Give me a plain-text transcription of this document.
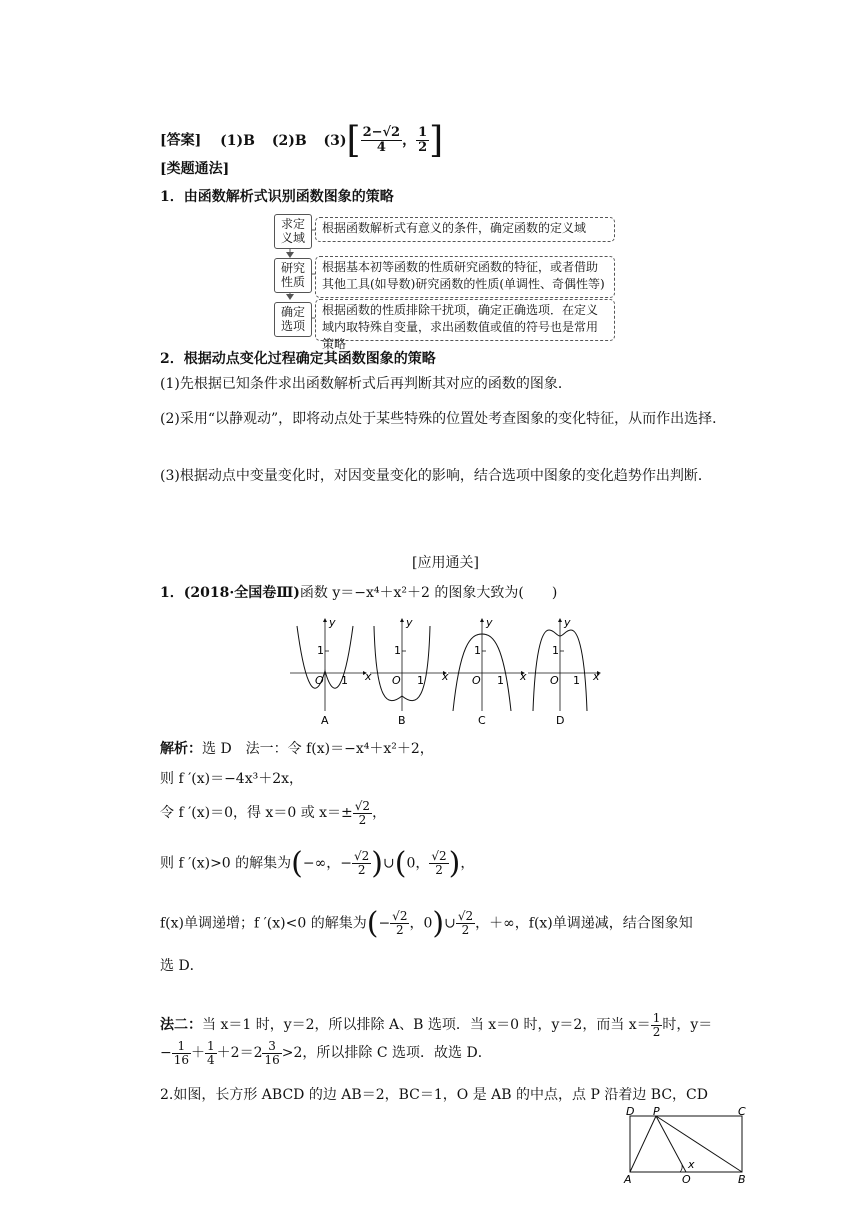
[答案] (1)B (2)B $(3)[ \frac{2-√2}{4}$ ， $\frac{1}{2}$ ]
[类题通法]
1．由函数解析式识别函数图象的策略
求定
义域
根据函数解析式有意义的条件，确定函数的定义域
研究
性质
根据基本初等函数的性质研究函数的特征，或者借助其他工具(如导数)研究函数的性质(单调性、奇偶性等)
确定
选项
根据函数的性质排除干扰项，确定正确选项．在定义域内取特殊自变量，求出函数值或值的符号也是常用策略
2．根据动点变化过程确定其函数图象的策略
(1)先根据已知条件求出函数解析式后再判断其对应的函数的图象．
(2)采用“以静观动”，即将动点处于某些特殊的位置处考查图象的变化特征，从而作出选择．
(3)根据动点中变量变化时，对因变量变化的影响，结合选项中图象的变化趋势作出判断．
[应用通关]
1．(2018·全国卷Ⅲ)函数 y＝−x⁴＋x²＋2 的图象大致为(　　)
y
1
O 1 x
A
y
1
O 1 x
B
y
1
O 1 x
C
y
1
O 1 x
D
解析：选 D　法一：令 f(x)＝−x⁴＋x²＋2，
则 f ′(x)＝−4x³＋2x，
令 f ′(x)＝0，得 x＝0 或 $x=\pm \frac{√2}{2}$ ，
则 f ′(x)>0 的解集为(−∞，− $\frac{√2}{2}$ )∪(0， $\frac{√2}{2}$ )，
f(x)单调递增；f ′(x)<0 的解集为(− $\frac{√2}{2}$ ，0)∪ $\frac{√2}{2}$ ，＋∞，f(x)单调递减，结合图象知
选 D．
法二：当 x＝1 时，y＝2，所以排除 A、B 选项．当 x＝0 时，y＝2，而当 $x= \frac{1}{2}$ 时，y＝
− $\frac{1}{16} + \frac{1}{4} +2=2 \frac{3}{16} >2$，所以排除 C 选项．故选 D．
2.如图，长方形 ABCD 的边 AB＝2，BC＝1，O 是 AB 的中点，点 P 沿着边 BC，CD
D P	C
A	O	B
x
